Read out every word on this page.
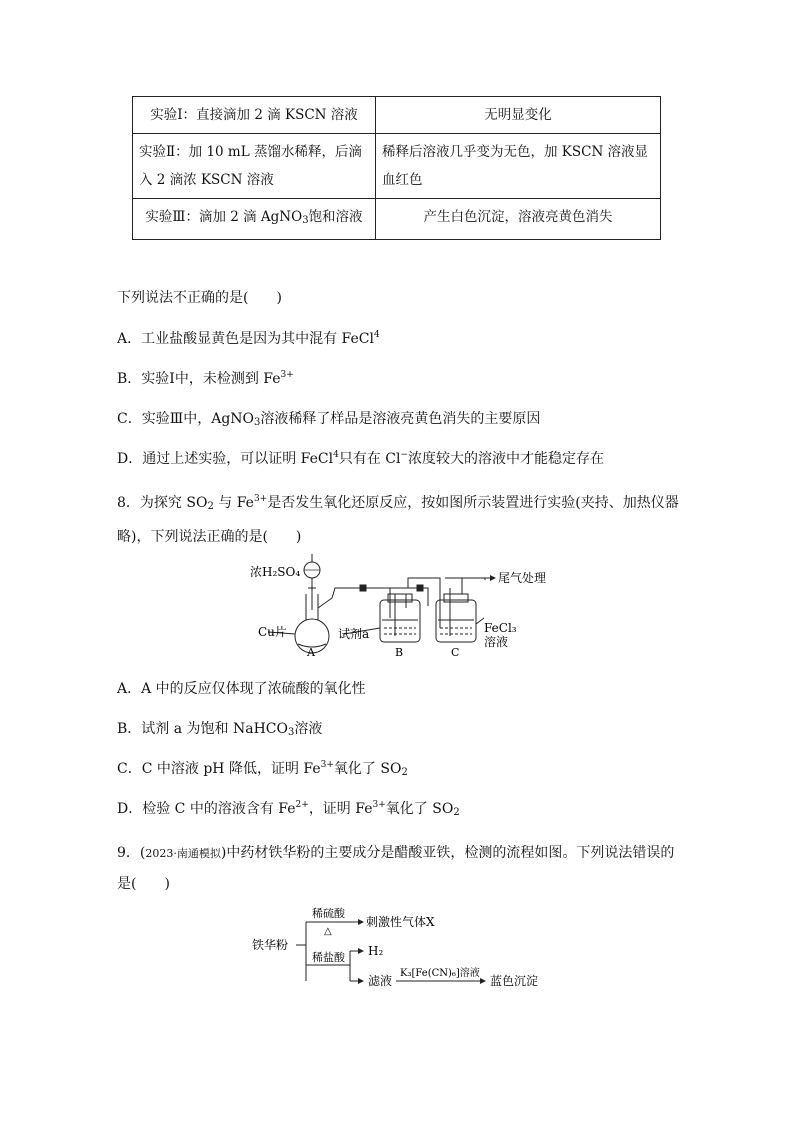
实验Ⅰ：直接滴加 2 滴 KSCN 溶液	无明显变化
实验Ⅱ：加 10 mL 蒸馏水稀释，后滴入 2 滴浓 KSCN 溶液	稀释后溶液几乎变为无色，加 KSCN 溶液显血红色
实验Ⅲ：滴加 2 滴 AgNO$_3$饱和溶液	产生白色沉淀，溶液亮黄色消失
下列说法不正确的是(　　)
A．工业盐酸显黄色是因为其中混有 FeCl$^4$
B．实验Ⅰ中，未检测到 $Fe^{3+}$
C．实验Ⅲ中，AgNO$_3$溶液稀释了样品是溶液亮黄色消失的主要原因
D．通过上述实验，可以证明 FeCl$^4$只有在 Cl−浓度较大的溶液中才能稳定存在
8．为探究 $SO_2$ 与 $Fe^{3+}$是否发生氧化还原反应，按如图所示装置进行实验(夹持、加热仪器略)，下列说法正确的是(　　)
浓H₂SO₄
Cu片	试剂a	FeCl₃
溶液
尾气处理
A	B	C
A．A 中的反应仅体现了浓硫酸的氧化性
B．试剂 a 为饱和 NaHCO$_3$溶液
C．C 中溶液 pH 降低，证明 $Fe^{3+}$氧化了 $SO_2$
D．检验 C 中的溶液含有 $Fe^{2+}$，证明 $Fe^{3+}$氧化了 $SO_2$
9．(2023·南通模拟)中药材铁华粉的主要成分是醋酸亚铁，检测的流程如图。下列说法错误的是(　　)
铁华粉
稀硫酸
△
刺激性气体X
稀盐酸 H₂
滤液
K₃[Fe(CN)₆]溶液
蓝色沉淀
